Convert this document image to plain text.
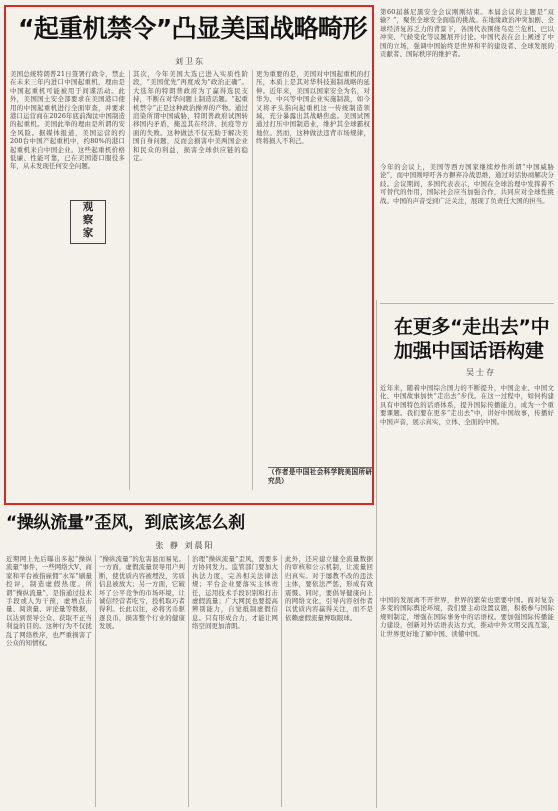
“起重机禁令”凸显美国战略畸形
刘卫东
美国总统特朗普21日签署行政令，禁止在未来三年内进口中国起重机，理由是中国起重机可能被用于间谍活动。此外，美国国土安全部要求在美国港口使用的中国起重机进行全面审查，并要求港口运营商在2026年底前淘汰中国制造的起重机。美国此举的理由是所谓的安全风险。据媒体报道，美国运营的约200台中国产起重机中，约80%的港口起重机来自中国企业。这些起重机价格低廉、性能可靠，已在美国港口服役多年，从未发现任何安全问题。
观
察
家
其次，今年美国大选已进入实质性阶段，“美国优先”再度成为“政治正确”。大选年的特朗普政府为了赢得选民支持，不断在对华问题上制造话题。“起重机禁令”正是这种政治操弄的产物。通过渲染所谓中国威胁，特朗普政府试图转移国内矛盾，掩盖其在经济、抗疫等方面的失败。这种做法不仅无助于解决美国自身问题，反而会损害中美两国企业和民众的利益，损害全球供应链的稳定。
更为重要的是，美国对中国起重机的打压，本质上是其对华科技遏制战略的延伸。近年来，美国以国家安全为名，对华为、中兴等中国企业实施制裁，如今又将矛头指向起重机这一传统制造领域，充分暴露出其战略焦虑。美国试图通过打压中国制造业，维护其全球霸权地位。然而，这种做法违背市场规律，终将损人不利己。
（作者是中国社会科学院美国所研究员）
第60届慕尼黑安全会议刚刚结束。本届会议的主题是“双输？”，聚焦全球安全面临的挑战。在地缘政治冲突加剧、全球经济复苏乏力的背景下，各国代表围绕乌克兰危机、巴以冲突、气候变化等议题展开讨论。中国代表在会上阐述了中国的立场，强调中国始终是世界和平的建设者、全球发展的贡献者、国际秩序的维护者。
今年的会议上，美国等西方国家继续炒作所谓“中国威胁论”，而中国则呼吁各方摒弃冷战思维，通过对话协商解决分歧。会议期间，多国代表表示，中国在全球治理中发挥着不可替代的作用，国际社会应当加强合作，共同应对全球性挑战。中国的声音受到广泛关注，展现了负责任大国的担当。
在更多“走出去”中
加强中国话语构建
吴士存
近年来，随着中国综合国力的不断提升，中国企业、中国文化、中国故事加快“走出去”步伐。在这一过程中，如何构建具有中国特色的话语体系，提升国际传播能力，成为一个重要课题。我们要在更多“走出去”中，讲好中国故事，传播好中国声音，展示真实、立体、全面的中国。
中国的发展离不开世界，世界的繁荣也需要中国。面对复杂多变的国际舆论环境，我们要主动设置议题，积极参与国际规则制定，增强在国际事务中的话语权。要加强国际传播能力建设，创新对外话语表达方式，推动中外文明交流互鉴，让世界更好地了解中国、读懂中国。
“操纵流量”歪风，到底该怎么刹
张 静 刘晨阳
近期网上先后曝出多起“操纵流量”事件，一些网络大V、商家和平台被指雇佣“水军”刷量控评，制造虚假热度。所谓“操纵流量”，是指通过技术手段或人为干预，虚增点击量、阅读量、评论量等数据，以达到误导公众、获取不正当利益的目的。这种行为不仅扰乱了网络秩序，也严重损害了公众的知情权。
“操纵流量”的危害显而易见。一方面，虚假流量误导用户判断，使优质内容被埋没，劣质信息被放大；另一方面，它破坏了公平竞争的市场环境，让诚信经营者吃亏，投机取巧者得利。长此以往，必将劣币驱逐良币，损害整个行业的健康发展。
治理“操纵流量”歪风，需要多方协同发力。监管部门要加大执法力度，完善相关法律法规；平台企业要落实主体责任，运用技术手段识别和打击虚假流量；广大网民也要提高辨别能力，自觉抵制虚假信息。只有形成合力，才能让网络空间更加清朗。
此外，还应建立健全流量数据的审核和公示机制，让流量回归真实。对于屡教不改的违法主体，要依法严惩，形成有效震慑。同时，要倡导健康向上的网络文化，引导内容创作者以优质内容赢得关注，而不是依赖虚假流量博取眼球。
